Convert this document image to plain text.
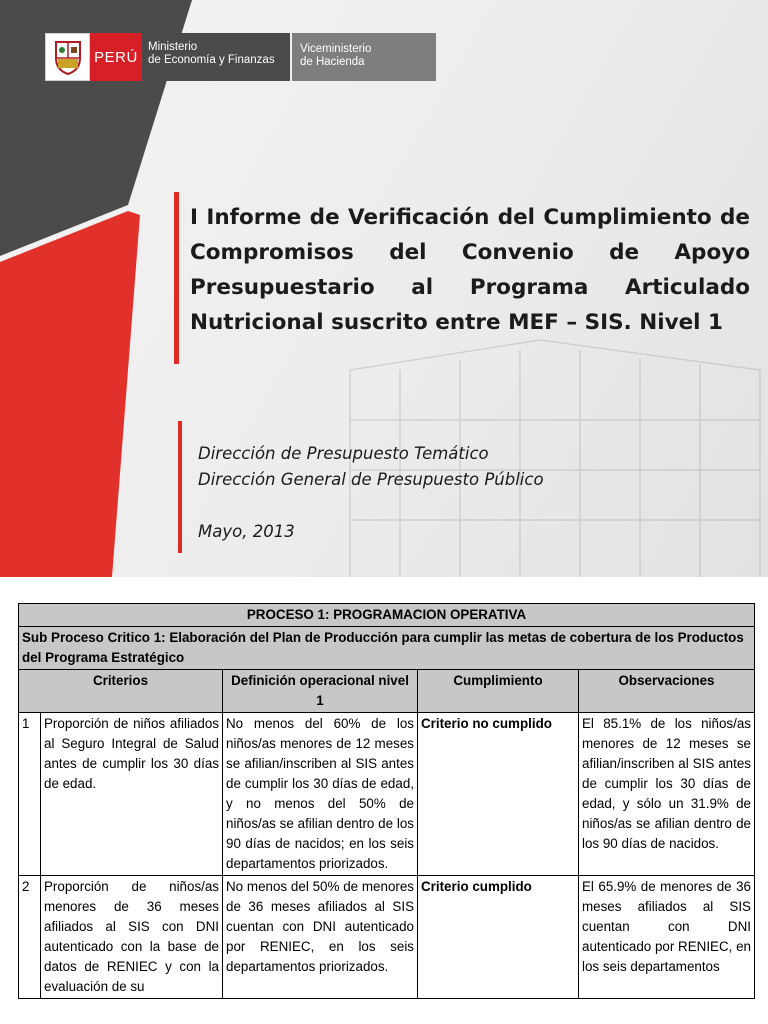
PERÚ
Ministerio
de Economía y Finanzas
Viceministerio
de Hacienda
I Informe de Verificación del Cumplimiento de Compromisos del Convenio de Apoyo Presupuestario al Programa Articulado Nutricional suscrito entre MEF – SIS. Nivel 1
Dirección de Presupuesto Temático
Dirección General de Presupuesto Público
Mayo, 2013
PROCESO 1: PROGRAMACION OPERATIVA				
Sub Proceso Critico 1: Elaboración del Plan de Producción para cumplir las metas de cobertura de los Productos del Programa Estratégico				
Criterios		Definición operacional nivel 1	Cumplimiento	Observaciones
1	Proporción de niños afiliados al Seguro Integral de Salud antes de cumplir los 30 días de edad.	No menos del 60% de los niños/as menores de 12 meses se afilian/inscriben al SIS antes de cumplir los 30 días de edad, y no menos del 50% de niños/as se afilian dentro de los 90 días de nacidos; en los seis departamentos priorizados.	Criterio no cumplido	El 85.1% de los niños/as menores de 12 meses se afilian/inscriben al SIS antes de cumplir los 30 días de edad, y sólo un 31.9% de niños/as se afilian dentro de los 90 días de nacidos.
2	Proporción de niños/as menores de 36 meses afiliados al SIS con DNI autenticado con la base de datos de RENIEC y con la evaluación de su	No menos del 50% de menores de 36 meses afiliados al SIS cuentan con DNI autenticado por RENIEC, en los seis departamentos priorizados.	Criterio cumplido	El 65.9% de menores de 36 meses afiliados al SIS cuentan con DNI autenticado por RENIEC, en los seis departamentos
